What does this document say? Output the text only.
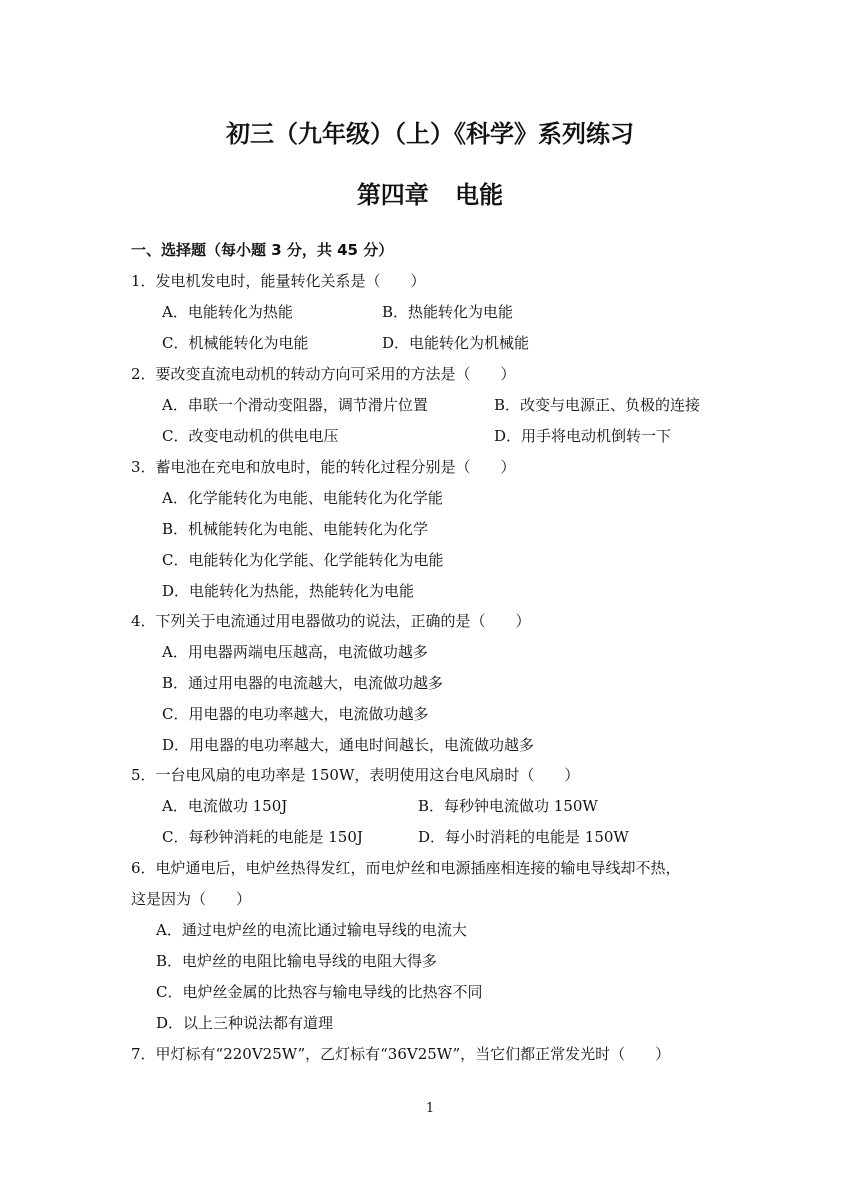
初三（九年级）（上）《科学》系列练习
第四章 电能
一、选择题（每小题 3 分，共 45 分）
1．发电机发电时，能量转化关系是（　　）
A．电能转化为热能	B．热能转化为电能
C．机械能转化为电能	D．电能转化为机械能
2．要改变直流电动机的转动方向可采用的方法是（　　）
A．串联一个滑动变阻器，调节滑片位置	B．改变与电源正、负极的连接
C．改变电动机的供电电压	D．用手将电动机倒转一下
3．蓄电池在充电和放电时，能的转化过程分别是（　　）
A．化学能转化为电能、电能转化为化学能
B．机械能转化为电能、电能转化为化学
C．电能转化为化学能、化学能转化为电能
D．电能转化为热能，热能转化为电能
4．下列关于电流通过用电器做功的说法，正确的是（　　）
A．用电器两端电压越高，电流做功越多
B．通过用电器的电流越大，电流做功越多
C．用电器的电功率越大，电流做功越多
D．用电器的电功率越大，通电时间越长，电流做功越多
5．一台电风扇的电功率是 150W，表明使用这台电风扇时（　　）
A．电流做功 150J	B．每秒钟电流做功 150W
C．每秒钟消耗的电能是 150J	D．每小时消耗的电能是 150W
6．电炉通电后，电炉丝热得发红，而电炉丝和电源插座相连接的输电导线却不热，
这是因为（　　）
A．通过电炉丝的电流比通过输电导线的电流大
B．电炉丝的电阻比输电导线的电阻大得多
C．电炉丝金属的比热容与输电导线的比热容不同
D．以上三种说法都有道理
7．甲灯标有“220V25W”，乙灯标有“36V25W”，当它们都正常发光时（　　）
1
